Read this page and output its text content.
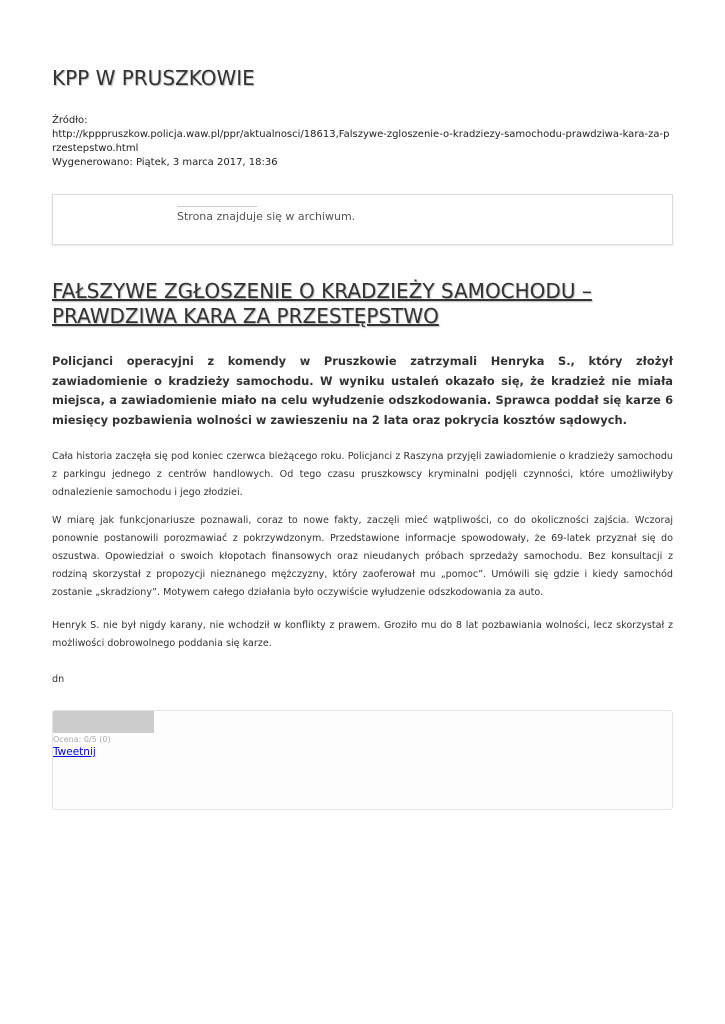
KPP W PRUSZKOWIE
Źródło:
http://kpppruszkow.policja.waw.pl/ppr/aktualnosci/18613,Falszywe-zgloszenie-o-kradziezy-samochodu-prawdziwa-kara-za-przestepstwo.html
Wygenerowano: Piątek, 3 marca 2017, 18:36
Strona znajduje się w archiwum.
FAŁSZYWE ZGŁOSZENIE O KRADZIEŻY SAMOCHODU – PRAWDZIWA KARA ZA PRZESTĘPSTWO

Policjanci operacyjni z komendy w Pruszkowie zatrzymali Henryka S., który złożył zawiadomienie o kradzieży samochodu. W wyniku ustaleń okazało się, że kradzież nie miała miejsca, a zawiadomienie miało na celu wyłudzenie odszkodowania. Sprawca poddał się karze 6 miesięcy pozbawienia wolności w zawieszeniu na 2 lata oraz pokrycia kosztów sądowych.

Cała historia zaczęła się pod koniec czerwca bieżącego roku. Policjanci z Raszyna przyjęli zawiadomienie o kradzieży samochodu z parkingu jednego z centrów handlowych. Od tego czasu pruszkowscy kryminalni podjęli czynności, które umożliwiłyby odnalezienie samochodu i jego złodziei.

W miarę jak funkcjonariusze poznawali, coraz to nowe fakty, zaczęli mieć wątpliwości, co do okoliczności zajścia. Wczoraj ponownie postanowili porozmawiać z pokrzywdzonym. Przedstawione informacje spowodowały, że 69-latek przyznał się do oszustwa. Opowiedział o swoich kłopotach finansowych oraz nieudanych próbach sprzedaży samochodu. Bez konsultacji z rodziną skorzystał z propozycji nieznanego mężczyzny, który zaoferował mu „pomoc”. Umówili się gdzie i kiedy samochód zostanie „skradziony”. Motywem całego działania było oczywiście wyłudzenie odszkodowania za auto.

Henryk S. nie był nigdy karany, nie wchodził w konflikty z prawem. Groziło mu do 8 lat pozbawiania wolności, lecz skorzystał z możliwości dobrowolnego poddania się karze.

dn

Ocena: 0/5 (0)
Tweetnij
